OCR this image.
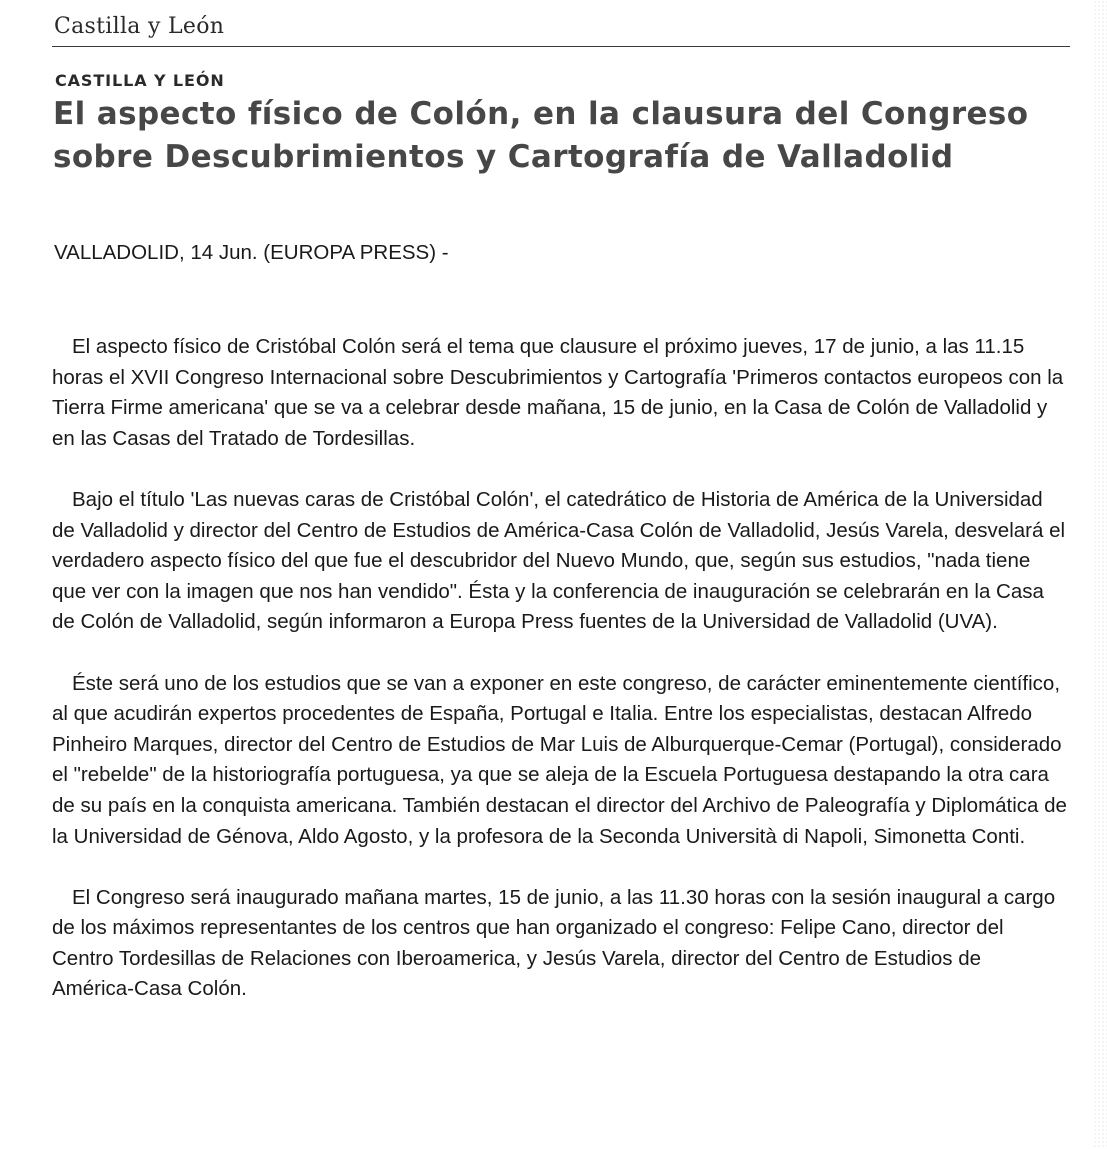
Castilla y León
CASTILLA Y LEÓN
El aspecto físico de Colón, en la clausura del Congreso sobre Descubrimientos y Cartografía de Valladolid
VALLADOLID, 14 Jun. (EUROPA PRESS) -

El aspecto físico de Cristóbal Colón será el tema que clausure el próximo jueves, 17 de junio, a las 11.15 horas el XVII Congreso Internacional sobre Descubrimientos y Cartografía 'Primeros contactos europeos con la Tierra Firme americana' que se va a celebrar desde mañana, 15 de junio, en la Casa de Colón de Valladolid y en las Casas del Tratado de Tordesillas.

Bajo el título 'Las nuevas caras de Cristóbal Colón', el catedrático de Historia de América de la Universidad de Valladolid y director del Centro de Estudios de América-Casa Colón de Valladolid, Jesús Varela, desvelará el verdadero aspecto físico del que fue el descubridor del Nuevo Mundo, que, según sus estudios, "nada tiene que ver con la imagen que nos han vendido". Ésta y la conferencia de inauguración se celebrarán en la Casa de Colón de Valladolid, según informaron a Europa Press fuentes de la Universidad de Valladolid (UVA).

Éste será uno de los estudios que se van a exponer en este congreso, de carácter eminentemente científico, al que acudirán expertos procedentes de España, Portugal e Italia. Entre los especialistas, destacan Alfredo Pinheiro Marques, director del Centro de Estudios de Mar Luis de Alburquerque-Cemar (Portugal), considerado el "rebelde" de la historiografía portuguesa, ya que se aleja de la Escuela Portuguesa destapando la otra cara de su país en la conquista americana. También destacan el director del Archivo de Paleografía y Diplomática de la Universidad de Génova, Aldo Agosto, y la profesora de la Seconda Università di Napoli, Simonetta Conti.

El Congreso será inaugurado mañana martes, 15 de junio, a las 11.30 horas con la sesión inaugural a cargo de los máximos representantes de los centros que han organizado el congreso: Felipe Cano, director del Centro Tordesillas de Relaciones con Iberoamerica, y Jesús Varela, director del Centro de Estudios de América-Casa Colón.
